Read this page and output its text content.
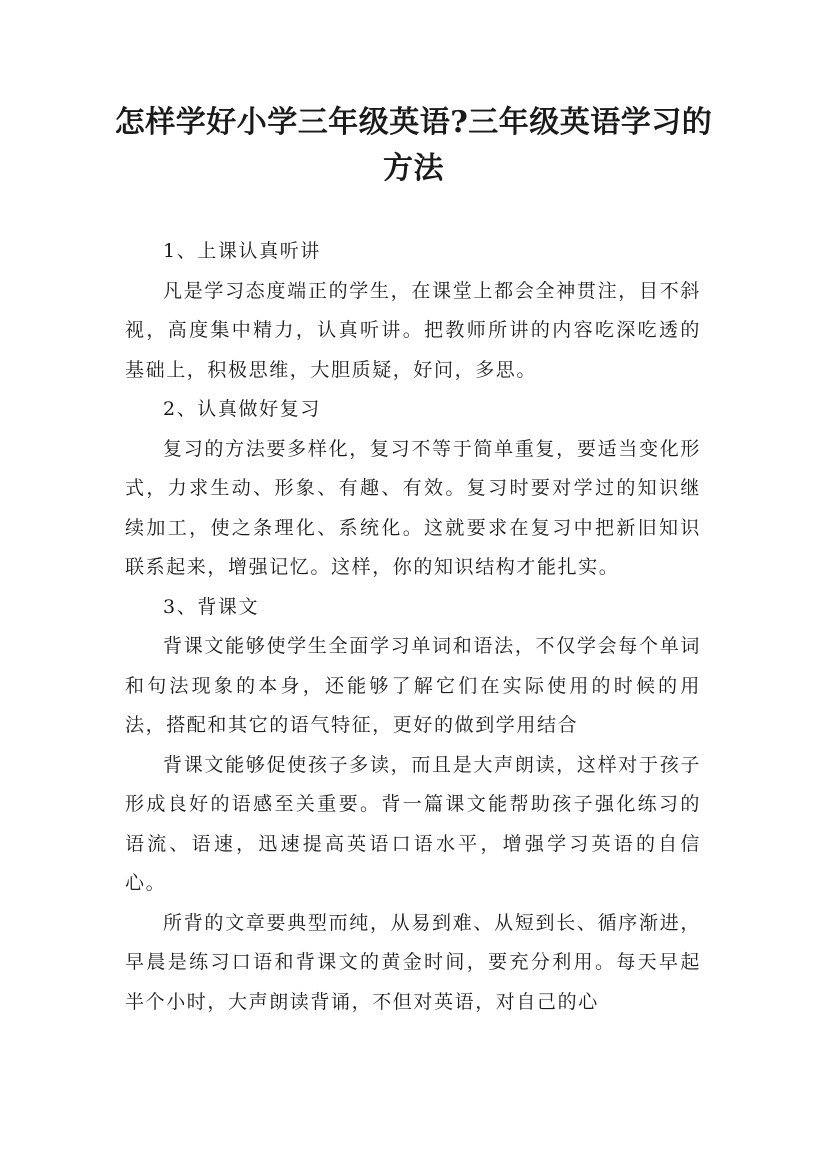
怎样学好小学三年级英语?三年级英语学习的方法

1、上课认真听讲

凡是学习态度端正的学生，在课堂上都会全神贯注，目不斜视，高度集中精力，认真听讲。把教师所讲的内容吃深吃透的基础上，积极思维，大胆质疑，好问，多思。

2、认真做好复习

复习的方法要多样化，复习不等于简单重复，要适当变化形式，力求生动、形象、有趣、有效。复习时要对学过的知识继续加工，使之条理化、系统化。这就要求在复习中把新旧知识联系起来，增强记忆。这样，你的知识结构才能扎实。

3、背课文

背课文能够使学生全面学习单词和语法，不仅学会每个单词和句法现象的本身，还能够了解它们在实际使用的时候的用法，搭配和其它的语气特征，更好的做到学用结合

背课文能够促使孩子多读，而且是大声朗读，这样对于孩子形成良好的语感至关重要。背一篇课文能帮助孩子强化练习的语流、语速，迅速提高英语口语水平，增强学习英语的自信心。

所背的文章要典型而纯，从易到难、从短到长、循序渐进，早晨是练习口语和背课文的黄金时间，要充分利用。每天早起半个小时，大声朗读背诵，不但对英语，对自己的心
